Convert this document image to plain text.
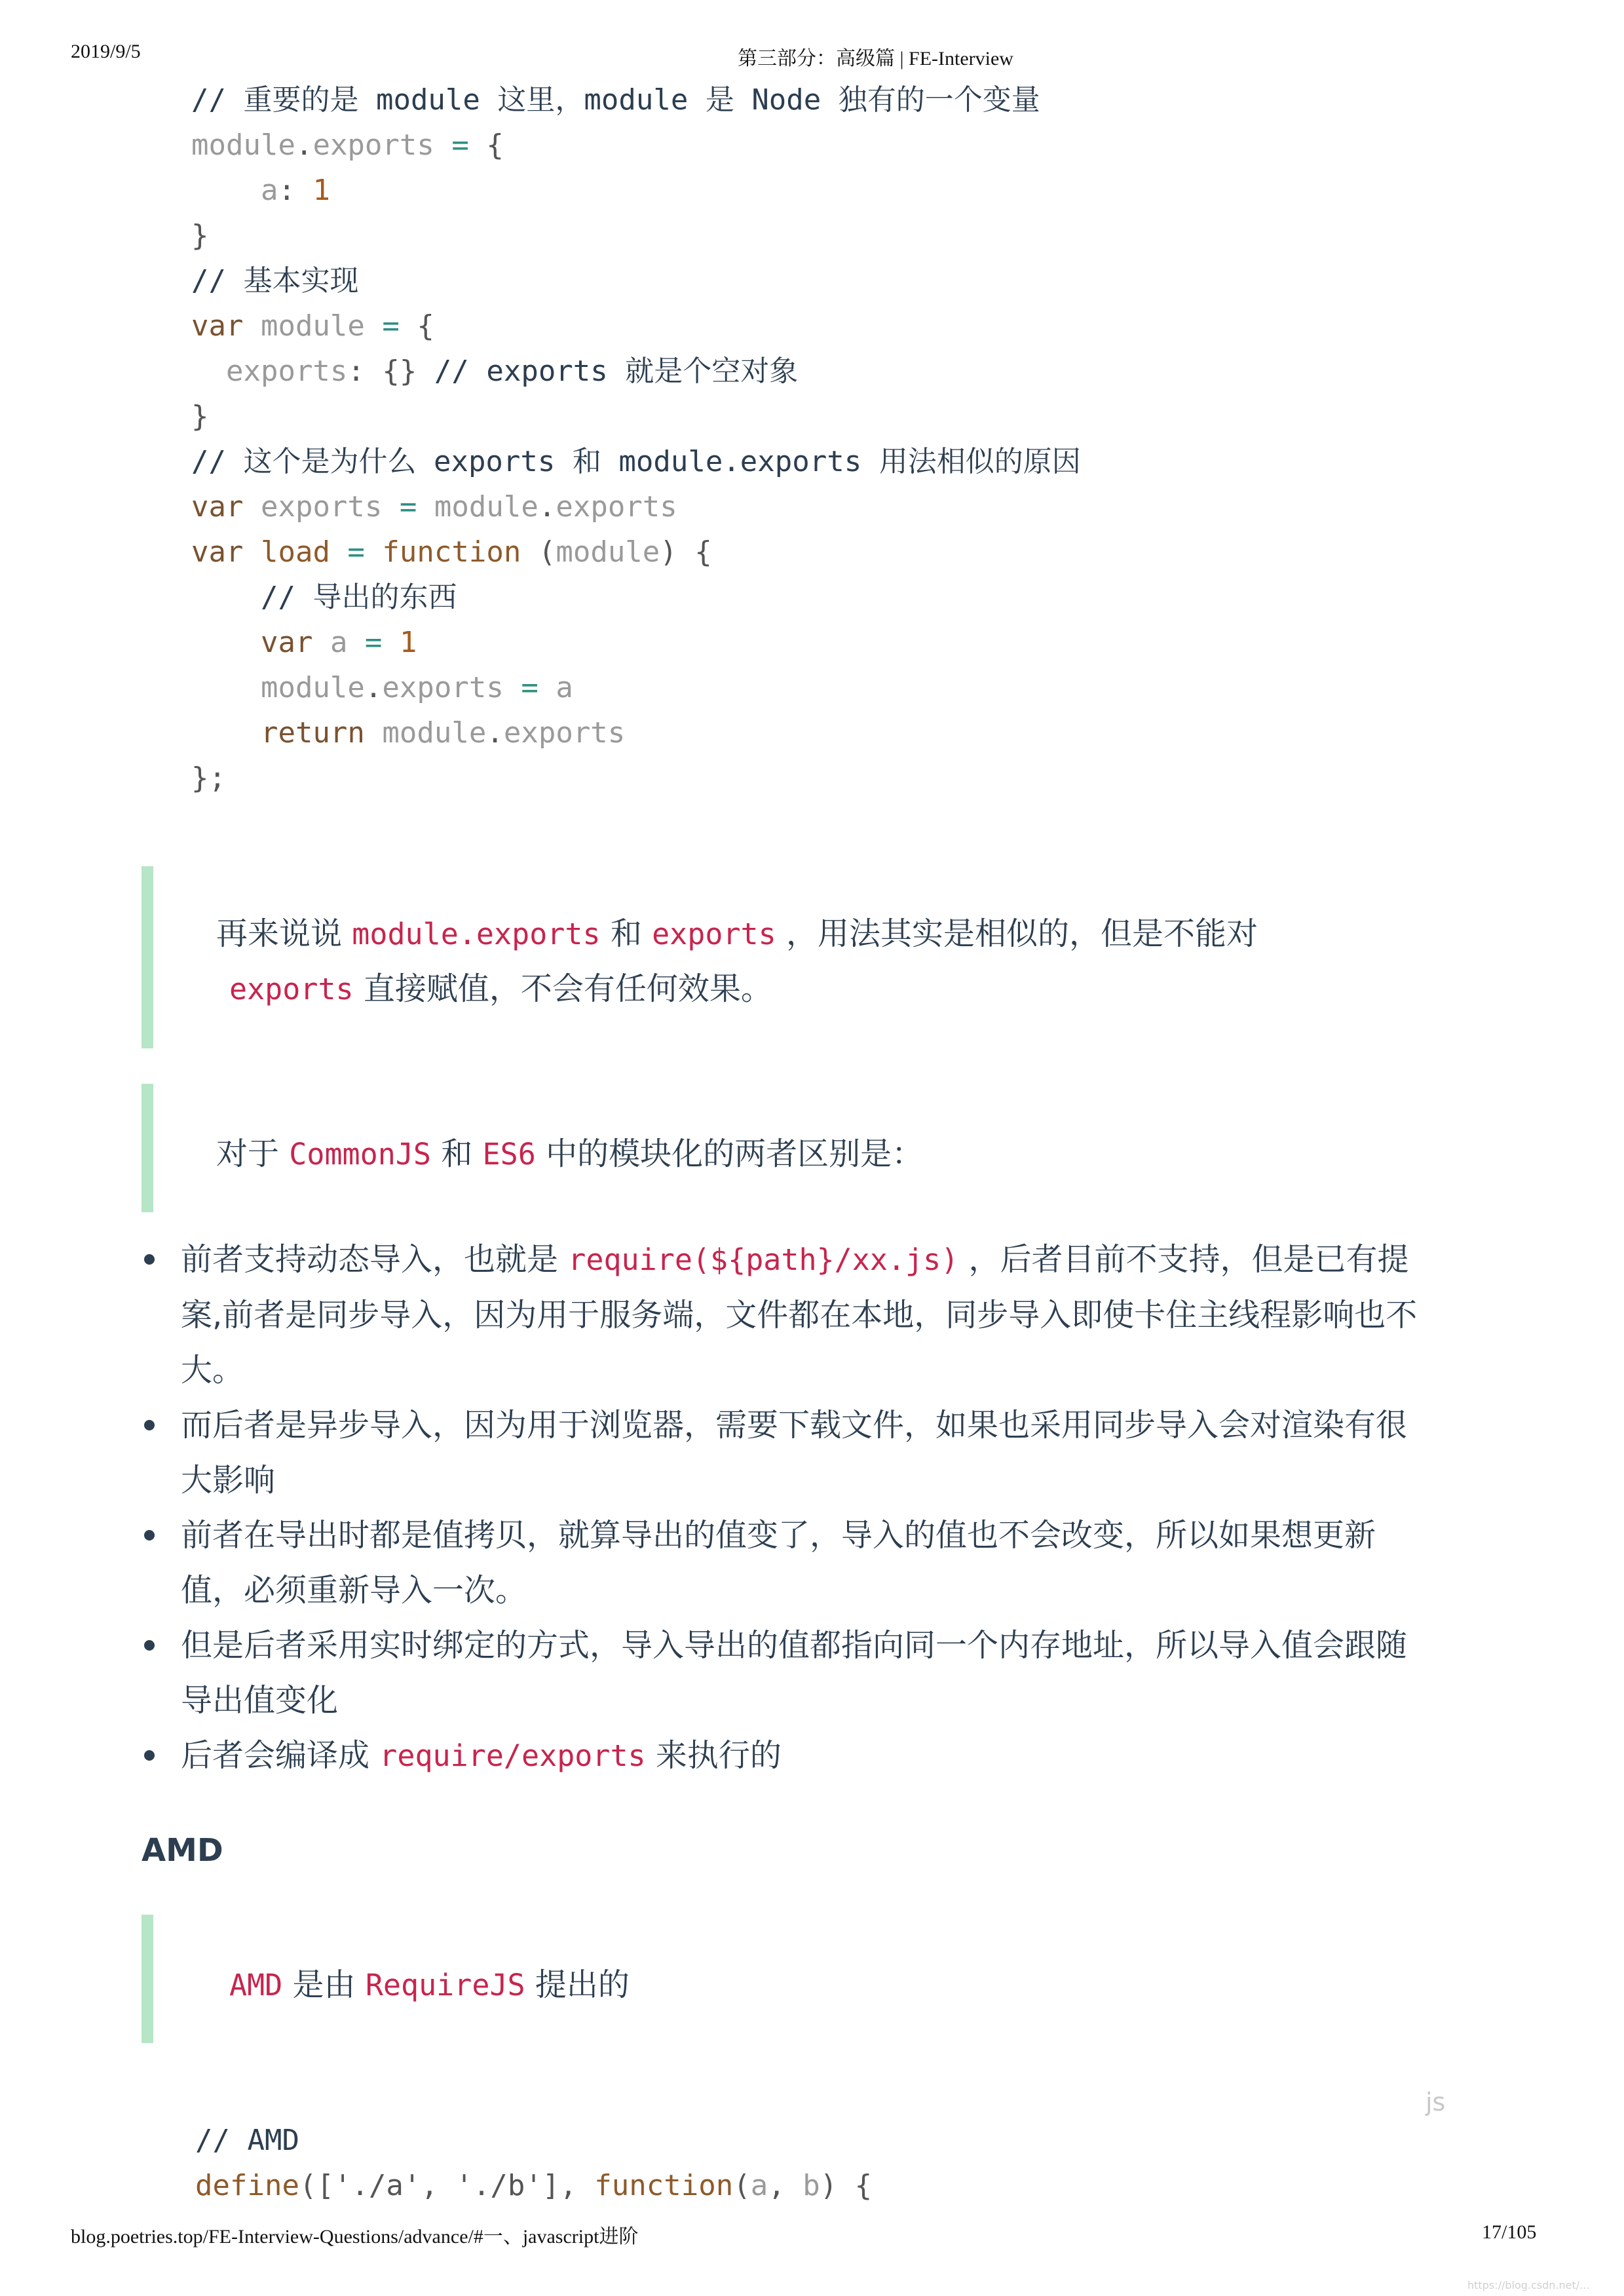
2019/9/5	第三部分：高级篇 | FE-Interview
// 重要的是 module 这里，module 是 Node 独有的一个变量
module.exports = {
a: 1
}
// 基本实现
var module = {
exports: {} // exports 就是个空对象
}
// 这个是为什么 exports 和 module.exports 用法相似的原因
var exports = module.exports
var load = function (module) {
// 导出的东西
var a = 1
module.exports = a
return module.exports
};
再来说说 module.exports 和 exports ，用法其实是相似的，但是不能对
exports 直接赋值，不会有任何效果。
对于 CommonJS 和 ES6 中的模块化的两者区别是：
前者支持动态导入，也就是 require(${path}/xx.js) ，后者目前不支持，但是已有提
案,前者是同步导入，因为用于服务端，文件都在本地，同步导入即使卡住主线程影响也不
大。
而后者是异步导入，因为用于浏览器，需要下载文件，如果也采用同步导入会对渲染有很
大影响
前者在导出时都是值拷贝，就算导出的值变了，导入的值也不会改变，所以如果想更新
值，必须重新导入一次。
但是后者采用实时绑定的方式，导入导出的值都指向同一个内存地址，所以导入值会跟随
导出值变化
后者会编译成 require/exports 来执行的
AMD
AMD 是由 RequireJS 提出的
js
// AMD
define(['./a', './b'], function(a, b) {
blog.poetries.top/FE-Interview-Questions/advance/#一、javascript进阶	17/105
https://blog.csdn.net/...
